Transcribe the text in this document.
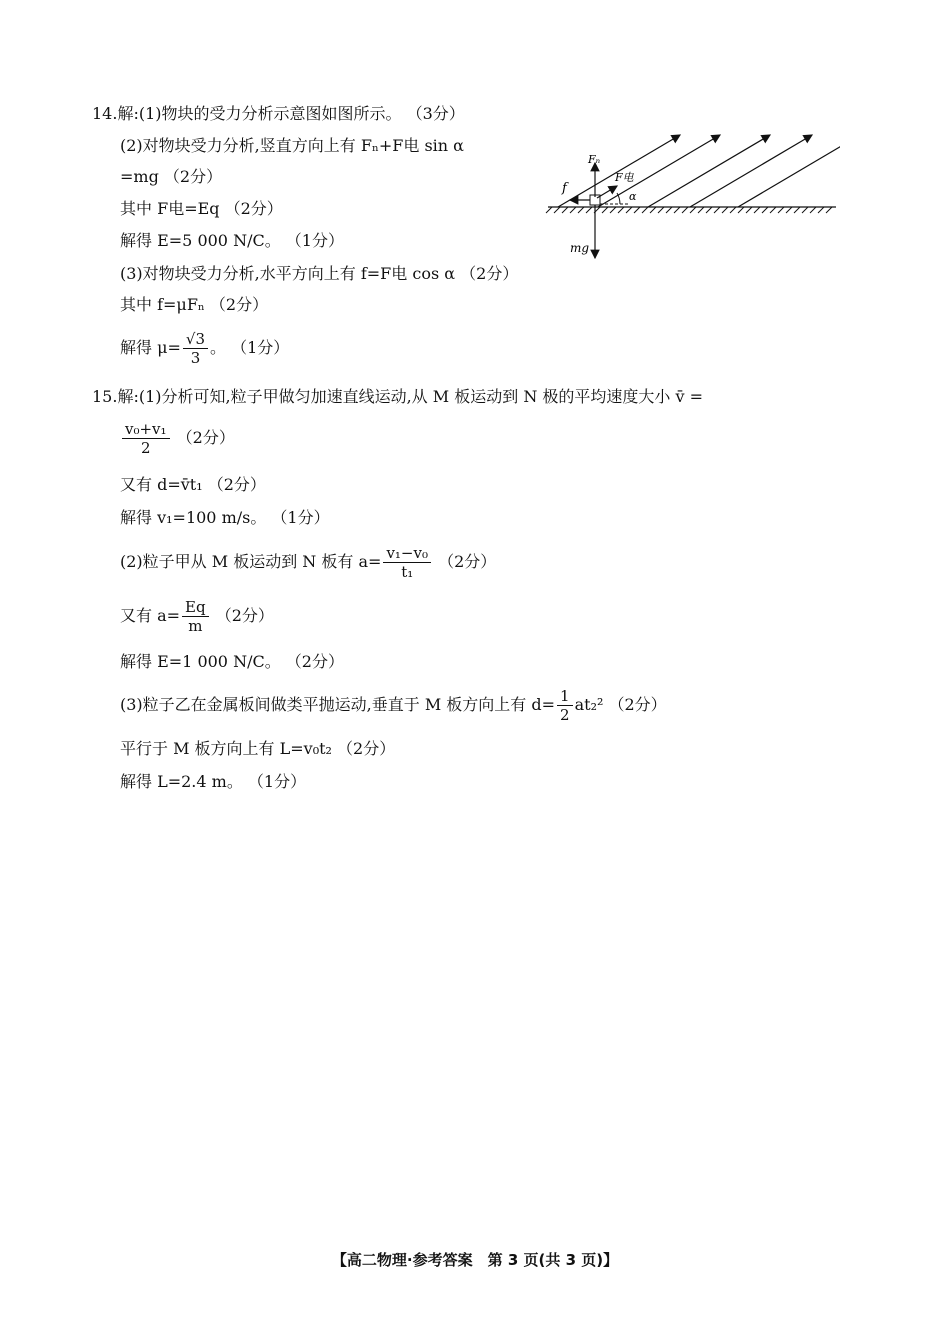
14.解:(1)物块的受力分析示意图如图所示。 （3分）
(2)对物块受力分析,竖直方向上有 Fₙ+F电 sin α
=mg （2分）
其中 F电=Eq （2分）
解得 E=5 000 N/C。 （1分）
(3)对物块受力分析,水平方向上有 f=F电 cos α （2分）
其中 f=μFₙ （2分）
解得 $\mu= \frac{√3}{3}$ 。 （1分）
Fₙ
F电
f
α
mg
15.解:(1)分析可知,粒子甲做匀加速直线运动,从 M 板运动到 N 极的平均速度大小 v̄ =
$\frac{\text{v₀+v₁}}{2} (2$分）
又有 d=v̄t₁ （2分）
解得 v₁=100 m/s。 （1分）
(2)粒子甲从 M 板运动到 N 板有 $a= \frac{\text{v₁−v₀}}{\text{t₁}} (2$分）
又有 $a= \frac{Eq}{m} (2$分）
解得 E=1 000 N/C。 （2分）
(3)粒子乙在金属板间做类平抛运动,垂直于 M 板方向上有 $d= \frac{1}{2} at_2^2$ （2分）
平行于 M 板方向上有 L=v₀t₂ （2分）
解得 L=2.4 m。 （1分）
【高二物理·参考答案　第 3 页(共 3 页)】
